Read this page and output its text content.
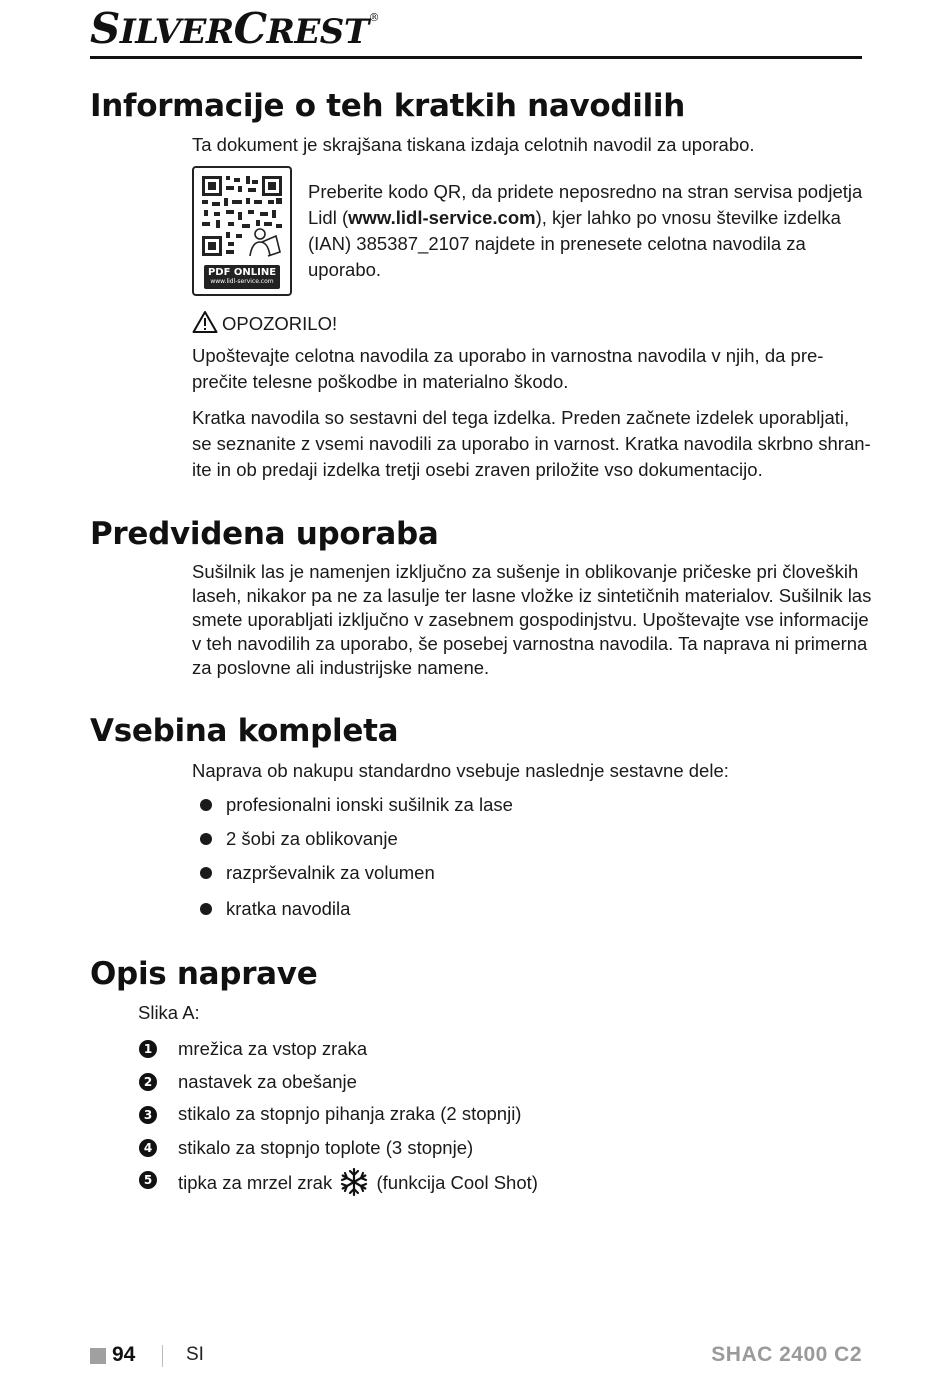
SILVERCREST®
Informacije o teh kratkih navodilih

Ta dokument je skrajšana tiskana izdaja celotnih navodil za uporabo.

PDF ONLINE
www.lidl-service.com

Preberite kodo QR, da pridete neposredno na stran servisa podjetja

Lidl (www.lidl-service.com), kjer lahko po vnosu številke izdelka

(IAN) 385387_2107 najdete in prenesete celotna navodila za

uporabo.

OPOZORILO!

Upoštevajte celotna navodila za uporabo in varnostna navodila v njih, da pre-

prečite telesne poškodbe in materialno škodo.

Kratka navodila so sestavni del tega izdelka. Preden začnete izdelek uporabljati,

se seznanite z vsemi navodili za uporabo in varnost. Kratka navodila skrbno shran-

ite in ob predaji izdelka tretji osebi zraven priložite vso dokumentacijo.

Predvidena uporaba

Sušilnik las je namenjen izključno za sušenje in oblikovanje pričeske pri človeških

laseh, nikakor pa ne za lasulje ter lasne vložke iz sintetičnih materialov. Sušilnik las

smete uporabljati izključno v zasebnem gospodinjstvu. Upoštevajte vse informacije

v teh navodilih za uporabo, še posebej varnostna navodila. Ta naprava ni primerna

za poslovne ali industrijske namene.

Vsebina kompleta

Naprava ob nakupu standardno vsebuje naslednje sestavne dele:

profesionalni ionski sušilnik za lase

2 šobi za oblikovanje

razprševalnik za volumen

kratka navodila

Opis naprave

Slika A:

1 mrežica za vstop zraka

2 nastavek za obešanje

3 stikalo za stopnjo pihanja zraka (2 stopnji)

4 stikalo za stopnjo toplote (3 stopnje)

5 tipka za mrzel zrak (funkcija Cool Shot)

94	SI	SHAC 2400 C2
